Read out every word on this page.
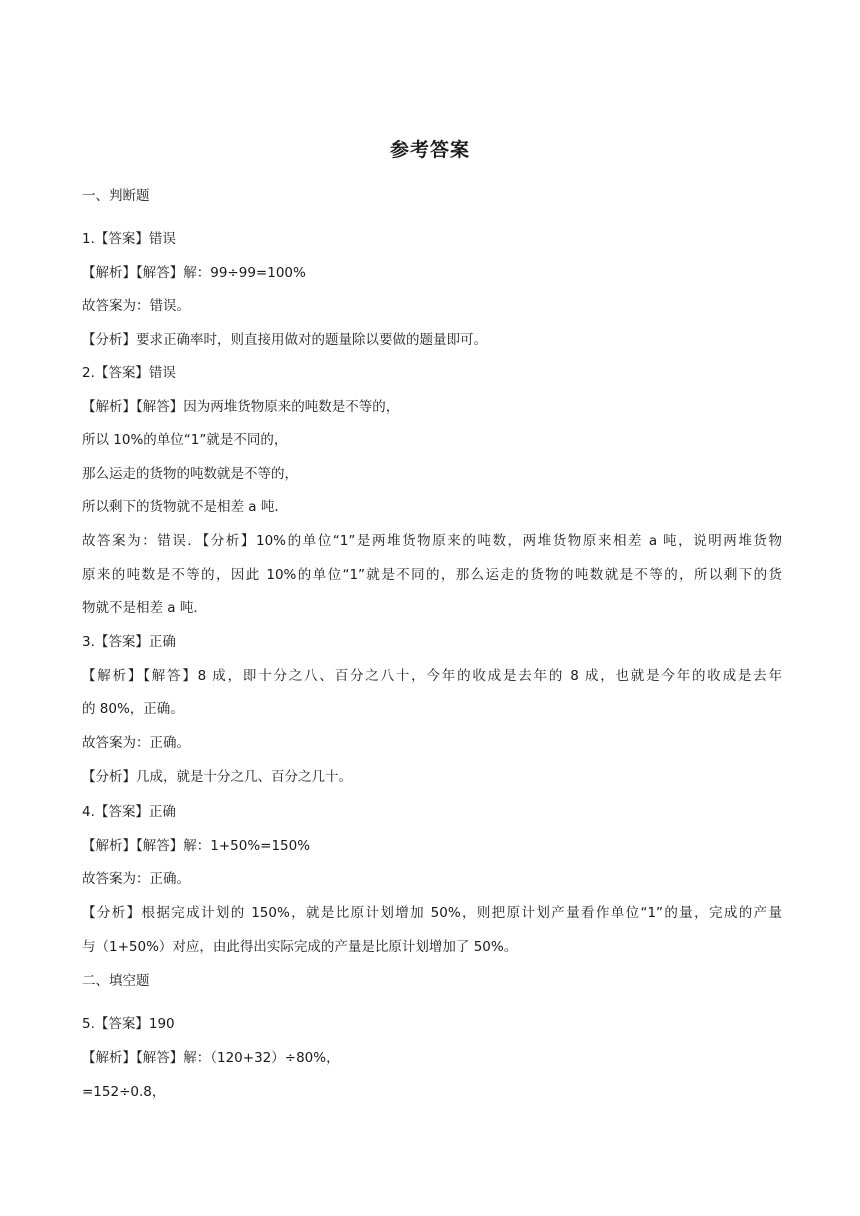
参考答案
一、判断题
1.【答案】错误
【解析】【解答】解：99÷99=100%
故答案为：错误。
【分析】要求正确率时，则直接用做对的题量除以要做的题量即可。
2.【答案】错误
【解析】【解答】因为两堆货物原来的吨数是不等的，
所以 10%的单位“1”就是不同的，
那么运走的货物的吨数就是不等的，
所以剩下的货物就不是相差 a 吨．
故答案为：错误．【分析】10%的单位“1”是两堆货物原来的吨数，两堆货物原来相差 a 吨，说明两堆货物
原来的吨数是不等的，因此 10%的单位“1”就是不同的，那么运走的货物的吨数就是不等的，所以剩下的货
物就不是相差 a 吨．
3.【答案】正确
【解析】【解答】8 成，即十分之八、百分之八十，今年的收成是去年的 8 成，也就是今年的收成是去年
的 80%，正确。
故答案为：正确。
【分析】几成，就是十分之几、百分之几十。
4.【答案】正确
【解析】【解答】解：1+50%=150%
故答案为：正确。
【分析】根据完成计划的 150%，就是比原计划增加 50%，则把原计划产量看作单位“1”的量，完成的产量
与（1+50%）对应，由此得出实际完成的产量是比原计划增加了 50%。
二、填空题
5.【答案】190
【解析】【解答】解：（120+32）÷80%，
=152÷0.8，
